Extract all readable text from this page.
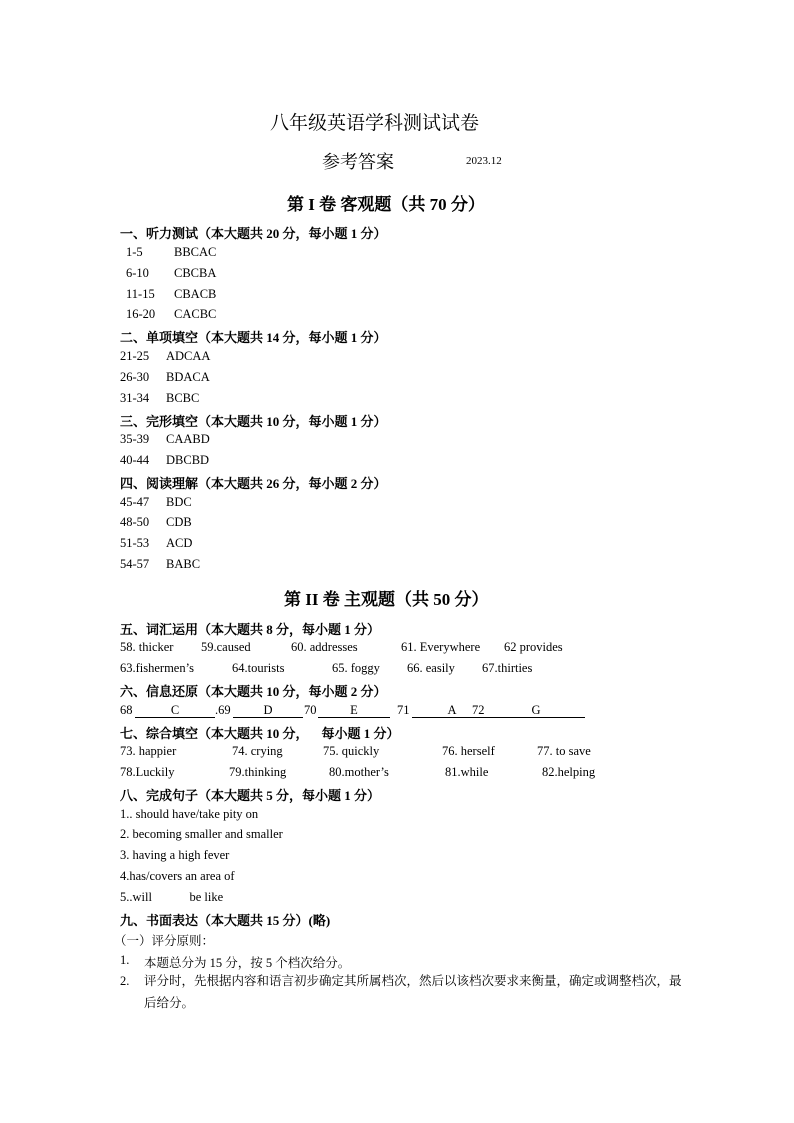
八年级英语学科测试试卷
参考答案	2023.12
第 I 卷 客观题（共 70 分）
一、听力测试（本大题共 20 分，每小题 1 分）
1-5	BBCAC
6-10 CBCBA
11-15 CBACB
16-20 CACBC
二、单项填空（本大题共 14 分，每小题 1 分）
21-25 ADCAA
26-30 BDACA
31-34 BCBC
三、完形填空（本大题共 10 分，每小题 1 分）
35-39 CAABD
40-44 DBCBD
四、阅读理解（本大题共 26 分，每小题 2 分）
45-47 BDC
48-50 CDB
51-53 ACD
54-57 BABC
第 II 卷 主观题（共 50 分）
五、词汇运用（本大题共 8 分，每小题 1 分）
58. thicker 59.caused	60. addresses	61. Everywhere 62 provides
63.fishermen’s	64.tourists	65. foggy 66. easily 67.thirties
六、信息还原（本大题共 10 分，每小题 2 分）
68	C	.69	D	70	E	71	A	72	G
七、综合填空（本大题共 10 分，    每小题 1 分）
73. happier	74. crying	75. quickly	76. herself	77. to save
78.Luckily	79.thinking	80.mother’s	81.while	82.helping
八、完成句子（本大题共 5 分，每小题 1 分）
1.. should have/take pity on
2. becoming smaller and smaller
3. having a high fever
4.has/covers an area of
5..will            be like
九、书面表达（本大题共 15 分）(略)
（一）评分原则：
1. 本题总分为 15 分，按 5 个档次给分。
2. 评分时，先根据内容和语言初步确定其所属档次，然后以该档次要求来衡量，确定或调整档次，最后给分。
